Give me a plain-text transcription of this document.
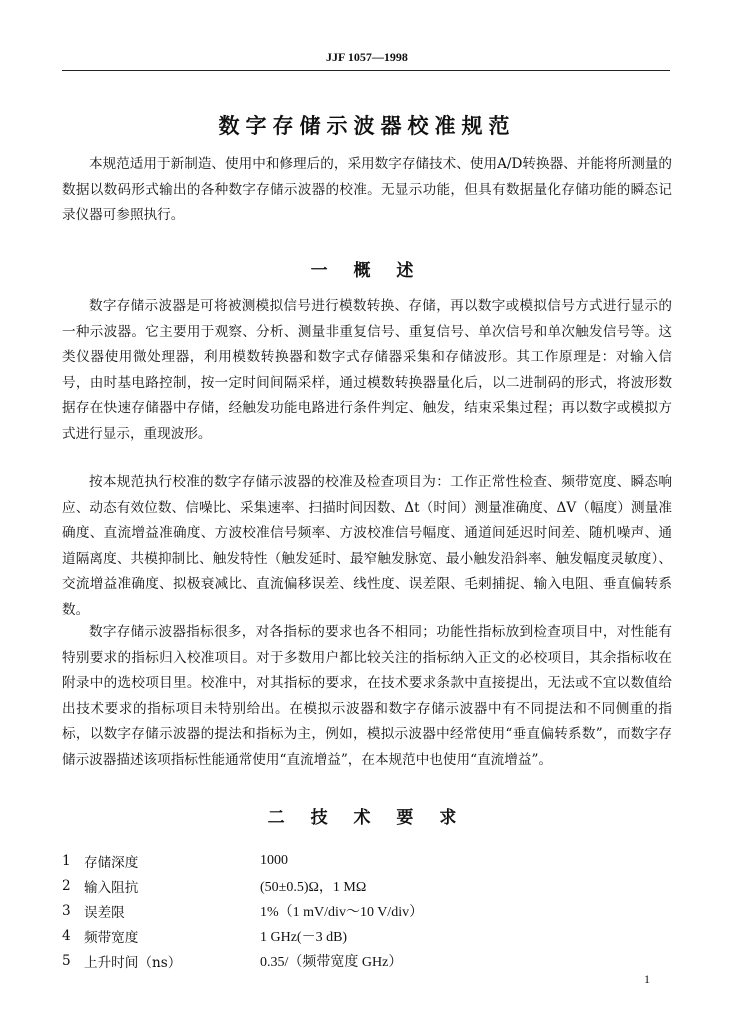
JJF 1057—1998
数字存储示波器校准规范

本规范适用于新制造、使用中和修理后的，采用数字存储技术、使用A/D转换器、并能将所测量的数据以数码形式输出的各种数字存储示波器的校准。无显示功能，但具有数据量化存储功能的瞬态记录仪器可参照执行。

一 概 述

数字存储示波器是可将被测模拟信号进行模数转换、存储，再以数字或模拟信号方式进行显示的一种示波器。它主要用于观察、分析、测量非重复信号、重复信号、单次信号和单次触发信号等。这类仪器使用微处理器，利用模数转换器和数字式存储器采集和存储波形。其工作原理是：对输入信号，由时基电路控制，按一定时间间隔采样，通过模数转换器量化后，以二进制码的形式，将波形数据存在快速存储器中存储，经触发功能电路进行条件判定、触发，结束采集过程；再以数字或模拟方式进行显示，重现波形。

按本规范执行校准的数字存储示波器的校准及检查项目为：工作正常性检查、频带宽度、瞬态响应、动态有效位数、信噪比、采集速率、扫描时间因数、Δt（时间）测量准确度、ΔV（幅度）测量准确度、直流增益准确度、方波校准信号频率、方波校准信号幅度、通道间延迟时间差、随机噪声、通道隔离度、共模抑制比、触发特性（触发延时、最窄触发脉宽、最小触发沿斜率、触发幅度灵敏度）、交流增益准确度、拟极衰减比、直流偏移误差、线性度、误差限、毛刺捕捉、输入电阻、垂直偏转系数。

数字存储示波器指标很多，对各指标的要求也各不相同；功能性指标放到检查项目中，对性能有特别要求的指标归入校准项目。对于多数用户都比较关注的指标纳入正文的必校项目，其余指标收在附录中的选校项目里。校准中，对其指标的要求，在技术要求条款中直接提出，无法或不宜以数值给出技术要求的指标项目未特别给出。在模拟示波器和数字存储示波器中有不同提法和不同侧重的指标，以数字存储示波器的提法和指标为主，例如，模拟示波器中经常使用“垂直偏转系数”，而数字存储示波器描述该项指标性能通常使用“直流增益”，在本规范中也使用“直流增益”。

二 技 术 要 求
1 存储深度	1000
2 输入阻抗	(50±0.5)Ω，1 MΩ
3 误差限	1%（1 mV/div～10 V/div）
4 频带宽度	1 GHz(－3 dB)
5 上升时间（ns）	0.35/（频带宽度 GHz）
1
